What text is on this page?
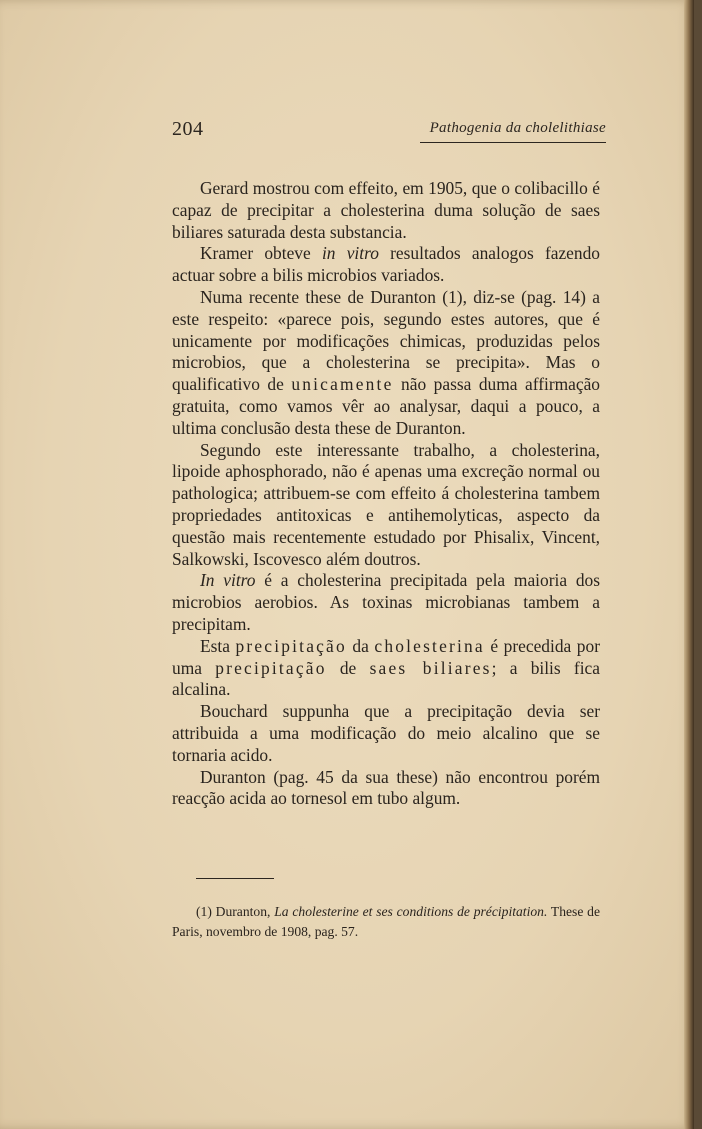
204	Pathogenia da cholelithiase

Gerard mostrou com effeito, em 1905, que o colibacillo é capaz de precipitar a cholesterina duma solução de saes biliares saturada desta substancia.

Kramer obteve in vitro resultados analogos fazendo actuar sobre a bilis microbios variados.

Numa recente these de Duranton (1), diz-se (pag. 14) a este respeito: «parece pois, segundo estes autores, que é unicamente por modificações chimicas, produzidas pelos microbios, que a cholesterina se precipita». Mas o qualificativo de unicamente não passa duma affirmação gratuita, como vamos vêr ao analysar, daqui a pouco, a ultima conclusão desta these de Duranton.

Segundo este interessante trabalho, a cholesterina, lipoide aphosphorado, não é apenas uma excreção normal ou pathologica; attribuem-se com effeito á cholesterina tambem propriedades antitoxicas e antihemolyticas, aspecto da questão mais recentemente estudado por Phisalix, Vincent, Salkowski, Iscovesco além doutros.

In vitro é a cholesterina precipitada pela maioria dos microbios aerobios. As toxinas microbianas tambem a precipitam.

Esta precipitação da cholesterina é precedida por uma precipitação de saes biliares; a bilis fica alcalina.

Bouchard suppunha que a precipitação devia ser attribuida a uma modificação do meio alcalino que se tornaria acido.

Duranton (pag. 45 da sua these) não encontrou porém reacção acida ao tornesol em tubo algum.

(1) Duranton, La cholesterine et ses conditions de précipitation. These de Paris, novembro de 1908, pag. 57.
